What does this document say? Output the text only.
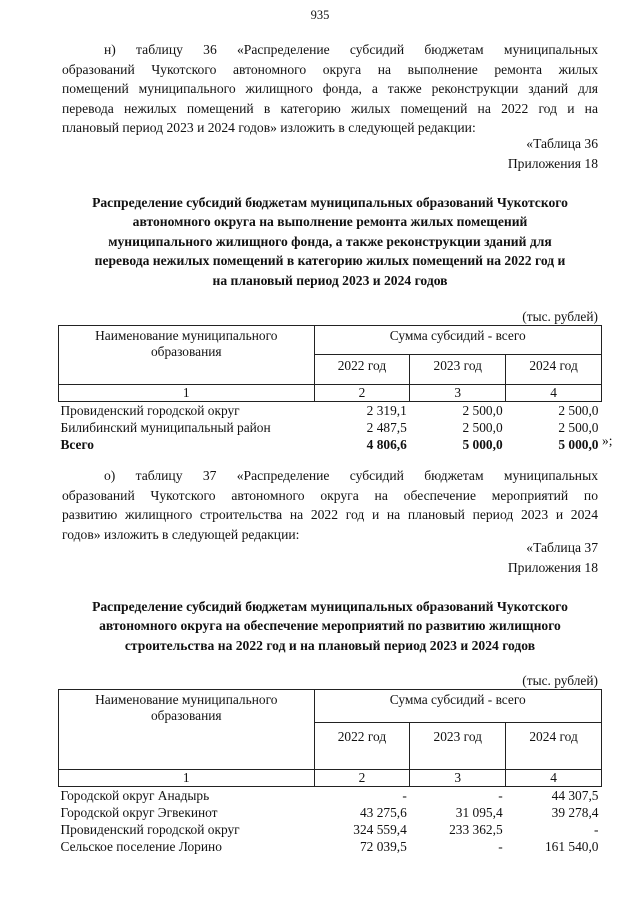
935
н) таблицу 36 «Распределение субсидий бюджетам муниципальных
образований Чукотского автономного округа на выполнение ремонта жилых
помещений муниципального жилищного фонда, а также реконструкции зданий для
перевода нежилых помещений в категорию жилых помещений на 2022 год и на
плановый период 2023 и 2024 годов» изложить в следующей редакции:
«Таблица 36
Приложения 18
Распределение субсидий бюджетам муниципальных образований Чукотского
автономного округа на выполнение ремонта жилых помещений
муниципального жилищного фонда, а также реконструкции зданий для
перевода нежилых помещений в категорию жилых помещений на 2022 год и
на плановый период 2023 и 2024 годов
(тыс. рублей)
Наименование муниципального образования	Сумма субсидий - всего		
	2022 год	2023 год	2024 год
1	2	3	4
Провиденский городской округ	2 319,1	2 500,0	2 500,0
Билибинский муниципальный район	2 487,5	2 500,0	2 500,0
Всего	4 806,6	5 000,0	5 000,0 »;
о) таблицу 37 «Распределение субсидий бюджетам муниципальных
образований Чукотского автономного округа на обеспечение мероприятий по
развитию жилищного строительства на 2022 год и на плановый период 2023 и 2024
годов» изложить в следующей редакции:
«Таблица 37
Приложения 18
Распределение субсидий бюджетам муниципальных образований Чукотского
автономного округа на обеспечение мероприятий по развитию жилищного
строительства на 2022 год и на плановый период 2023 и 2024 годов
(тыс. рублей)
Наименование муниципального образования	Сумма субсидий - всего		
	2022 год	2023 год	2024 год
1	2	3	4
Городской округ Анадырь	-	-	44 307,5
Городской округ Эгвекинот	43 275,6	31 095,4	39 278,4
Провиденский городской округ	324 559,4	233 362,5	-
Сельское поселение Лорино	72 039,5	-	161 540,0
